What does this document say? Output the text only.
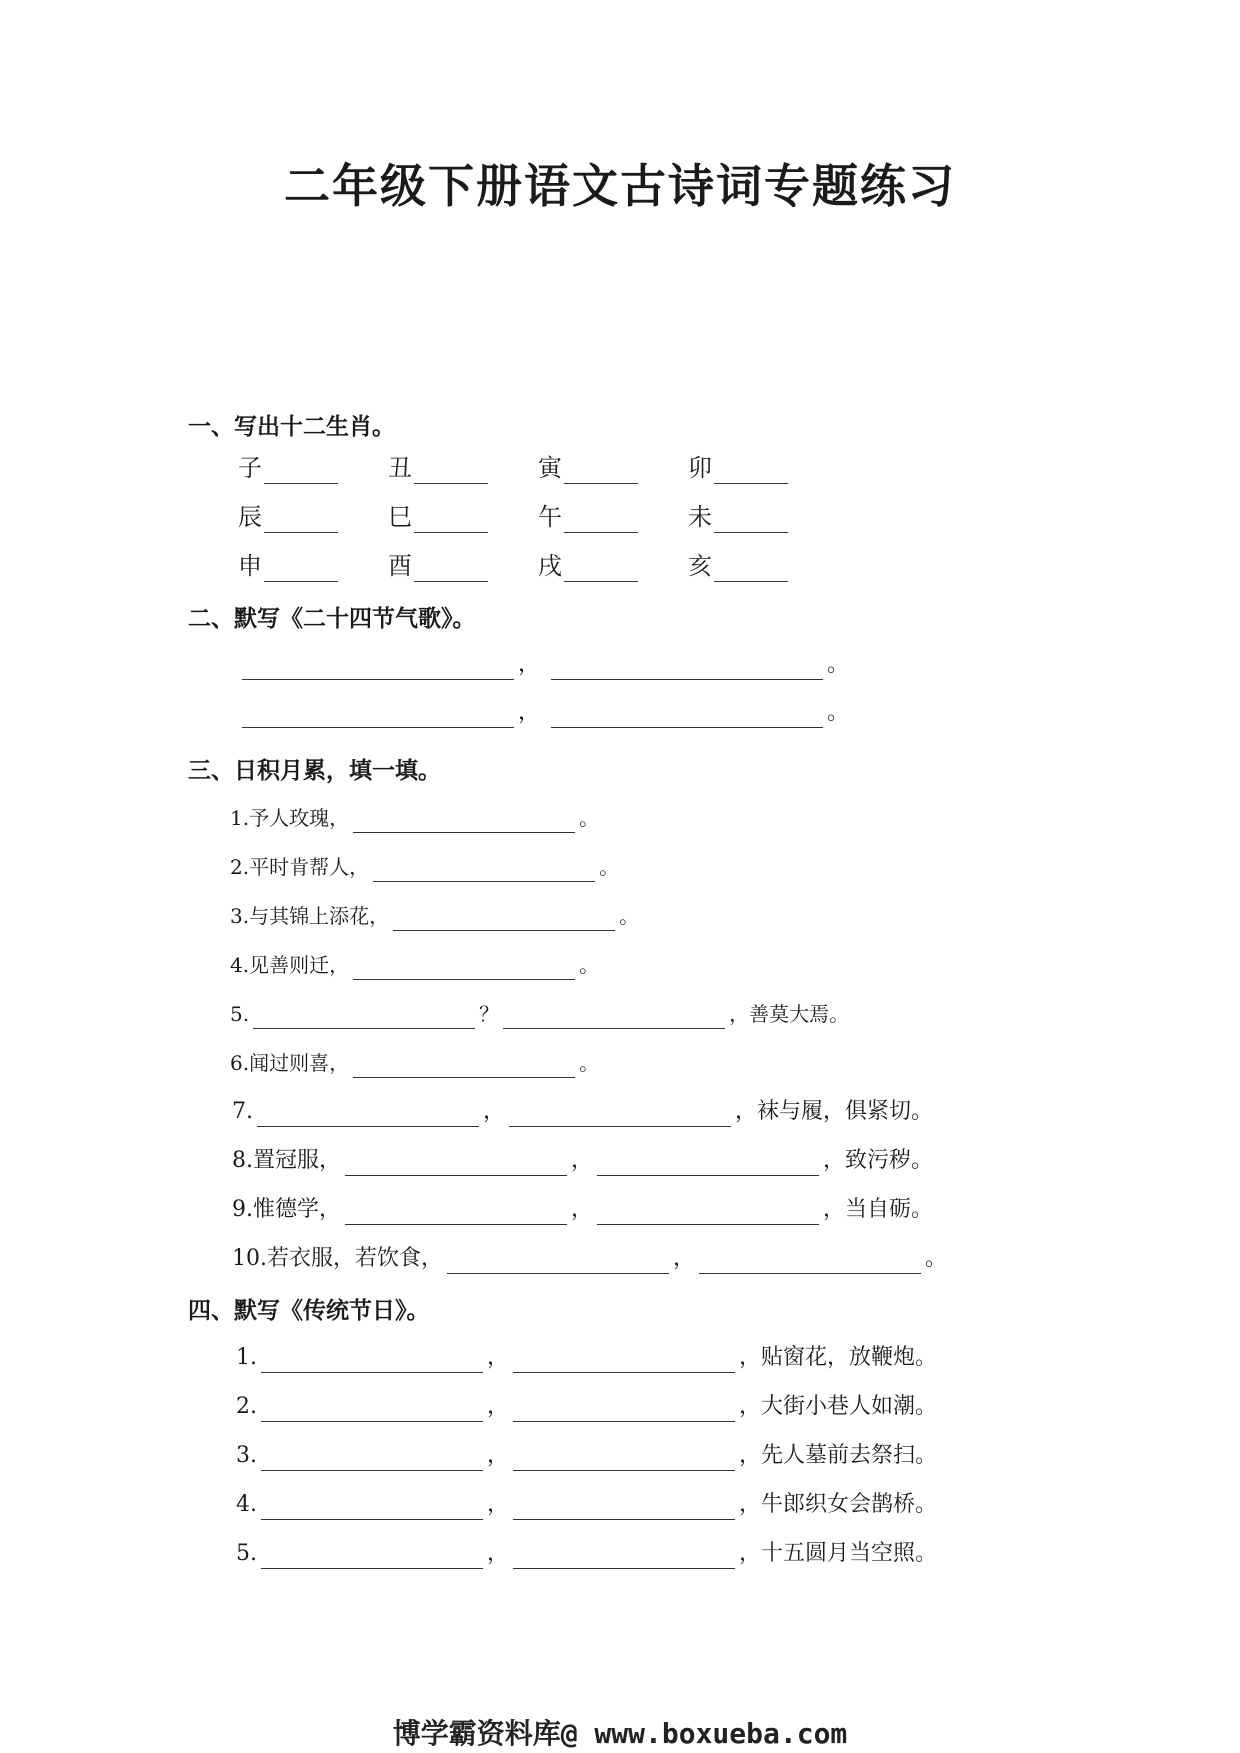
二年级下册语文古诗词专题练习
一、写出十二生肖。
子	丑	寅	卯
辰	巳	午	未
申	酉	戌	亥
二、默写《二十四节气歌》。
，	。
，	。
三、日积月累，填一填。
1.予人玫瑰，	。
2.平时肯帮人，	。
3.与其锦上添花，	。
4.见善则迁，	。
5.	？	，善莫大焉。
6.闻过则喜，	。
7.	，	，袜与履，俱紧切。
8.置冠服，	，	，致污秽。
9.惟德学，	，	，当自砺。
10.若衣服，若饮食，	，	。
四、默写《传统节日》。
1.	，	，贴窗花，放鞭炮。
2.	，	，大街小巷人如潮。
3.	，	，先人墓前去祭扫。
4.	，	，牛郎织女会鹊桥。
5.	，	，十五圆月当空照。
博学霸资料库@ www.boxueba.com
